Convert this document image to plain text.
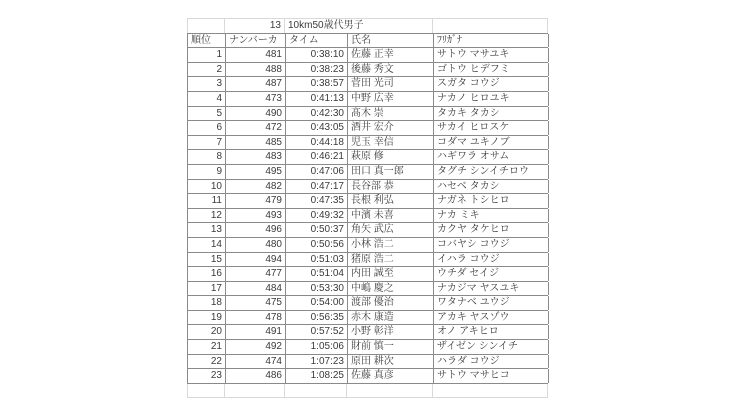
13 10km50歳代男子
順位	ナンバーカ	タイム	氏名	ﾌﾘｶﾞﾅ
1	481	0:38:10 佐藤 正幸	サトウ マサユキ
2	488	0:38:23 後藤 秀文	ゴトウ ヒデフミ
3	487	0:38:57 菅田 光司	スガタ コウジ
4	473	0:41:13 中野 広幸	ナカノ ヒロユキ
5	490	0:42:30 髙木 崇	タカキ タカシ
6	472	0:43:05 酒井 宏介	サカイ ヒロスケ
7	485	0:44:18 児玉 幸信	コダマ ユキノブ
8	483	0:46:21 萩原 修	ハギワラ オサム
9	495	0:47:06 田口 真一郎	タグチ シンイチロウ
10	482	0:47:17 長谷部 恭	ハセベ タカシ
11	479	0:47:35 長根 利弘	ナガネ トシヒロ
12	493	0:49:32 中濱 未喜	ナカ ミキ
13	496	0:50:37 角矢 武広	カクヤ タケヒロ
14	480	0:50:56 小林 浩二	コバヤシ コウジ
15	494	0:51:03 猪原 浩二	イハラ コウジ
16	477	0:51:04 内田 誠至	ウチダ セイジ
17	484	0:53:30 中嶋 慶之	ナカジマ ヤスユキ
18	475	0:54:00 渡部 優治	ワタナベ ユウジ
19	478	0:56:35 赤木 康造	アカキ ヤスゾウ
20	491	0:57:52 小野 彰洋	オノ アキヒロ
21	492	1:05:06 財前 慎一	ザイゼン シンイチ
22	474	1:07:23 原田 耕次	ハラダ コウジ
23	486	1:08:25 佐藤 真彦	サトウ マサヒコ
